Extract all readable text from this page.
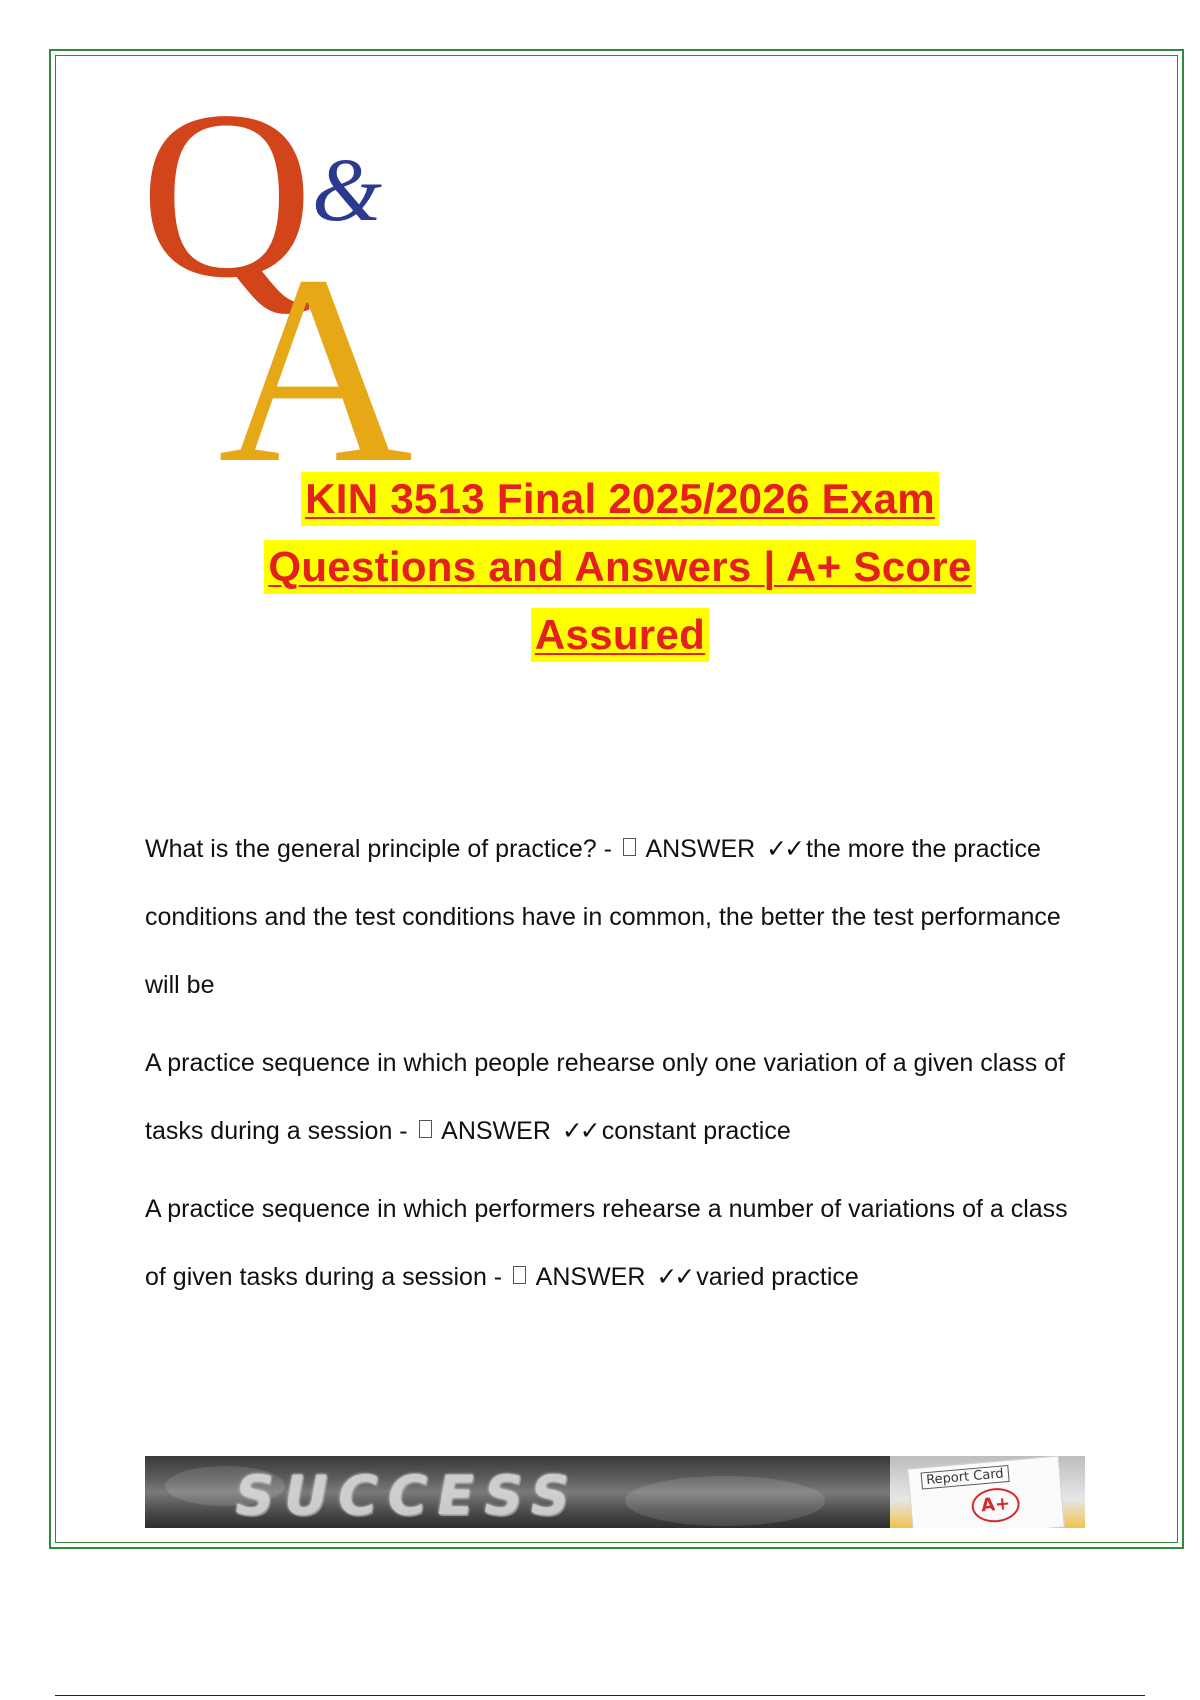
Q
&
A
KIN 3513 Final 2025/2026 Exam
Questions and Answers | A+ Score
Assured
What is the general principle of practice? - ANSWER ✓✓ the more the practice conditions and the test conditions have in common, the better the test performance will be
A practice sequence in which people rehearse only one variation of a given class of tasks during a session - ANSWER ✓✓ constant practice
A practice sequence in which performers rehearse a number of variations of a class of given tasks during a session - ANSWER ✓✓ varied practice
SUCCESS	Report Card
A+
